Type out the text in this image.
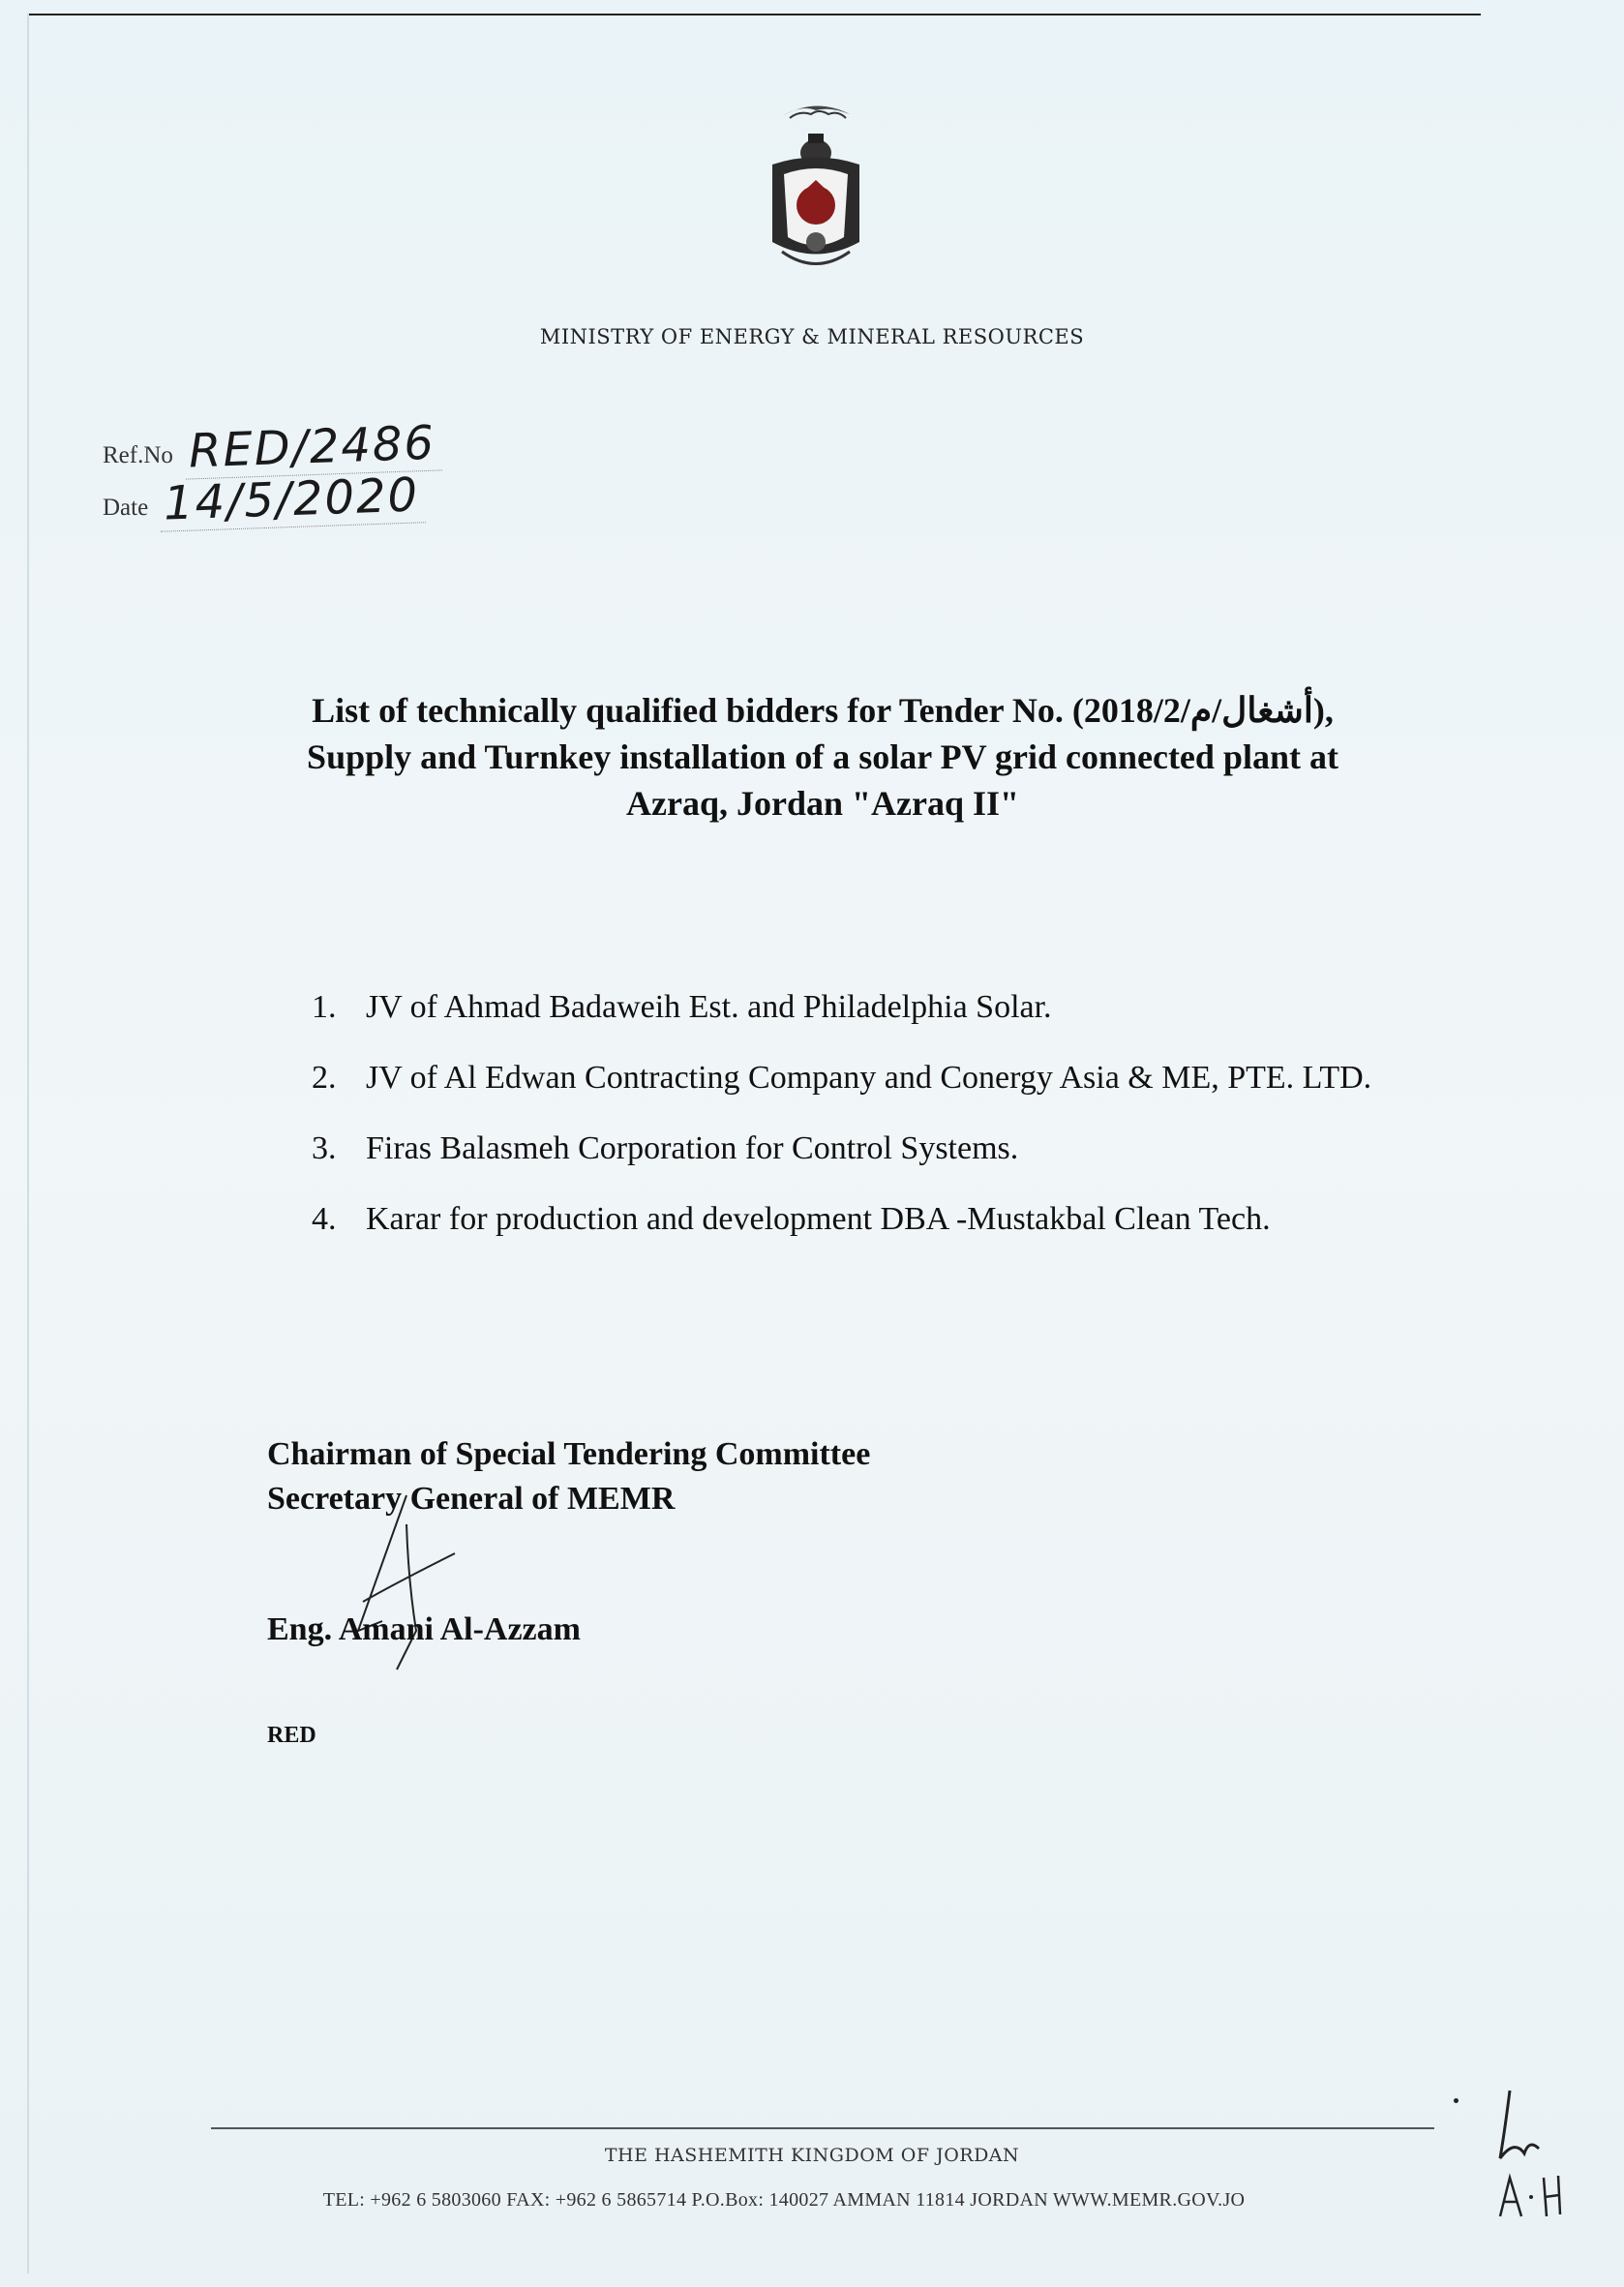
MINISTRY OF ENERGY & MINERAL RESOURCES
Ref.No RED/2486
Date 14/5/2020
List of technically qualified bidders for Tender No. (2018/أشغال/م/2),
Supply and Turnkey installation of a solar PV grid connected plant at
Azraq, Jordan "Azraq II"
1. JV of Ahmad Badaweih Est. and Philadelphia Solar.
2. JV of Al Edwan Contracting Company and Conergy Asia & ME, PTE. LTD.
3. Firas Balasmeh Corporation for Control Systems.
4. Karar for production and development DBA -Mustakbal Clean Tech.
Chairman of Special Tendering Committee
Secretary General of MEMR
Eng. Amani Al-Azzam
RED
THE HASHEMITH KINGDOM OF JORDAN
TEL: +962 6 5803060 FAX: +962 6 5865714 P.O.Box: 140027 AMMAN 11814 JORDAN WWW.MEMR.GOV.JO
